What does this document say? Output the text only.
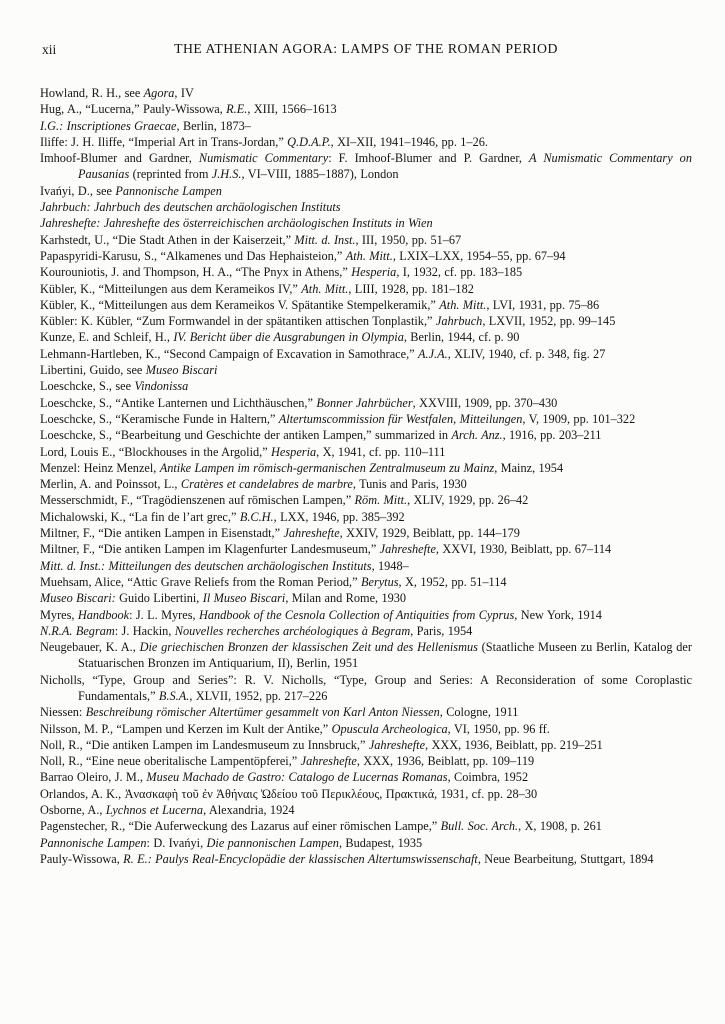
xii	THE ATHENIAN AGORA: LAMPS OF THE ROMAN PERIOD

Howland, R. H., see Agora, IV

Hug, A., “Lucerna,” Pauly-Wissowa, R.E., XIII, 1566–1613

I.G.: Inscriptiones Graecae, Berlin, 1873–

Iliffe: J. H. Iliffe, “Imperial Art in Trans-Jordan,” Q.D.A.P., XI–XII, 1941–1946, pp. 1–26.

Imhoof-Blumer and Gardner, Numismatic Commentary: F. Imhoof-Blumer and P. Gardner, A Numismatic Commentary on Pausanias (reprinted from J.H.S., VI–VIII, 1885–1887), London

Ivańyi, D., see Pannonische Lampen

Jahrbuch: Jahrbuch des deutschen archäologischen Instituts

Jahreshefte: Jahreshefte des österreichischen archäologischen Instituts in Wien

Karhstedt, U., “Die Stadt Athen in der Kaiserzeit,” Mitt. d. Inst., III, 1950, pp. 51–67

Papaspyridi-Karusu, S., “Alkamenes und Das Hephaisteion,” Ath. Mitt., LXIX–LXX, 1954–55, pp. 67–94

Kourouniotis, J. and Thompson, H. A., “The Pnyx in Athens,” Hesperia, I, 1932, cf. pp. 183–185

Kübler, K., “Mitteilungen aus dem Kerameikos IV,” Ath. Mitt., LIII, 1928, pp. 181–182

Kübler, K., “Mitteilungen aus dem Kerameikos V. Spätantike Stempelkeramik,” Ath. Mitt., LVI, 1931, pp. 75–86

Kübler: K. Kübler, “Zum Formwandel in der spätantiken attischen Tonplastik,” Jahrbuch, LXVII, 1952, pp. 99–145

Kunze, E. and Schleif, H., IV. Bericht über die Ausgrabungen in Olympia, Berlin, 1944, cf. p. 90

Lehmann-Hartleben, K., “Second Campaign of Excavation in Samothrace,” A.J.A., XLIV, 1940, cf. p. 348, fig. 27

Libertini, Guido, see Museo Biscari

Loeschcke, S., see Vindonissa

Loeschcke, S., “Antike Lanternen und Lichthäuschen,” Bonner Jahrbücher, XXVIII, 1909, pp. 370–430

Loeschcke, S., “Keramische Funde in Haltern,” Altertumscommission für Westfalen, Mitteilungen, V, 1909, pp. 101–322

Loeschcke, S., “Bearbeitung und Geschichte der antiken Lampen,” summarized in Arch. Anz., 1916, pp. 203–211

Lord, Louis E., “Blockhouses in the Argolid,” Hesperia, X, 1941, cf. pp. 110–111

Menzel: Heinz Menzel, Antike Lampen im römisch-germanischen Zentralmuseum zu Mainz, Mainz, 1954

Merlin, A. and Poinssot, L., Cratères et candelabres de marbre, Tunis and Paris, 1930

Messerschmidt, F., “Tragödienszenen auf römischen Lampen,” Röm. Mitt., XLIV, 1929, pp. 26–42

Michalowski, K., “La fin de l’art grec,” B.C.H., LXX, 1946, pp. 385–392

Miltner, F., “Die antiken Lampen in Eisenstadt,” Jahreshefte, XXIV, 1929, Beiblatt, pp. 144–179

Miltner, F., “Die antiken Lampen im Klagenfurter Landesmuseum,” Jahreshefte, XXVI, 1930, Beiblatt, pp. 67–114

Mitt. d. Inst.: Mitteilungen des deutschen archäologischen Instituts, 1948–

Muehsam, Alice, “Attic Grave Reliefs from the Roman Period,” Berytus, X, 1952, pp. 51–114

Museo Biscari: Guido Libertini, Il Museo Biscari, Milan and Rome, 1930

Myres, Handbook: J. L. Myres, Handbook of the Cesnola Collection of Antiquities from Cyprus, New York, 1914

N.R.A. Begram: J. Hackin, Nouvelles recherches archéologiques à Begram, Paris, 1954

Neugebauer, K. A., Die griechischen Bronzen der klassischen Zeit und des Hellenismus (Staatliche Museen zu Berlin, Katalog der Statuarischen Bronzen im Antiquarium, II), Berlin, 1951

Nicholls, “Type, Group and Series”: R. V. Nicholls, “Type, Group and Series: A Reconsideration of some Coroplastic Fundamentals,” B.S.A., XLVII, 1952, pp. 217–226

Niessen: Beschreibung römischer Altertümer gesammelt von Karl Anton Niessen, Cologne, 1911

Nilsson, M. P., “Lampen und Kerzen im Kult der Antike,” Opuscula Archeologica, VI, 1950, pp. 96 ff.

Noll, R., “Die antiken Lampen im Landesmuseum zu Innsbruck,” Jahreshefte, XXX, 1936, Beiblatt, pp. 219–251

Noll, R., “Eine neue oberitalische Lampentöpferei,” Jahreshefte, XXX, 1936, Beiblatt, pp. 109–119

Barrao Oleiro, J. M., Museu Machado de Gastro: Catalogo de Lucernas Romanas, Coimbra, 1952

Orlandos, A. K., Ἀνασκαφὴ τοῦ ἐν Ἀθήναις Ὠδείου τοῦ Περικλέους, Πρακτικά, 1931, cf. pp. 28–30

Osborne, A., Lychnos et Lucerna, Alexandria, 1924

Pagenstecher, R., “Die Auferweckung des Lazarus auf einer römischen Lampe,” Bull. Soc. Arch., X, 1908, p. 261

Pannonische Lampen: D. Ivańyi, Die pannonischen Lampen, Budapest, 1935

Pauly-Wissowa, R. E.: Paulys Real-Encyclopädie der klassischen Altertumswissenschaft, Neue Bearbeitung, Stuttgart, 1894
